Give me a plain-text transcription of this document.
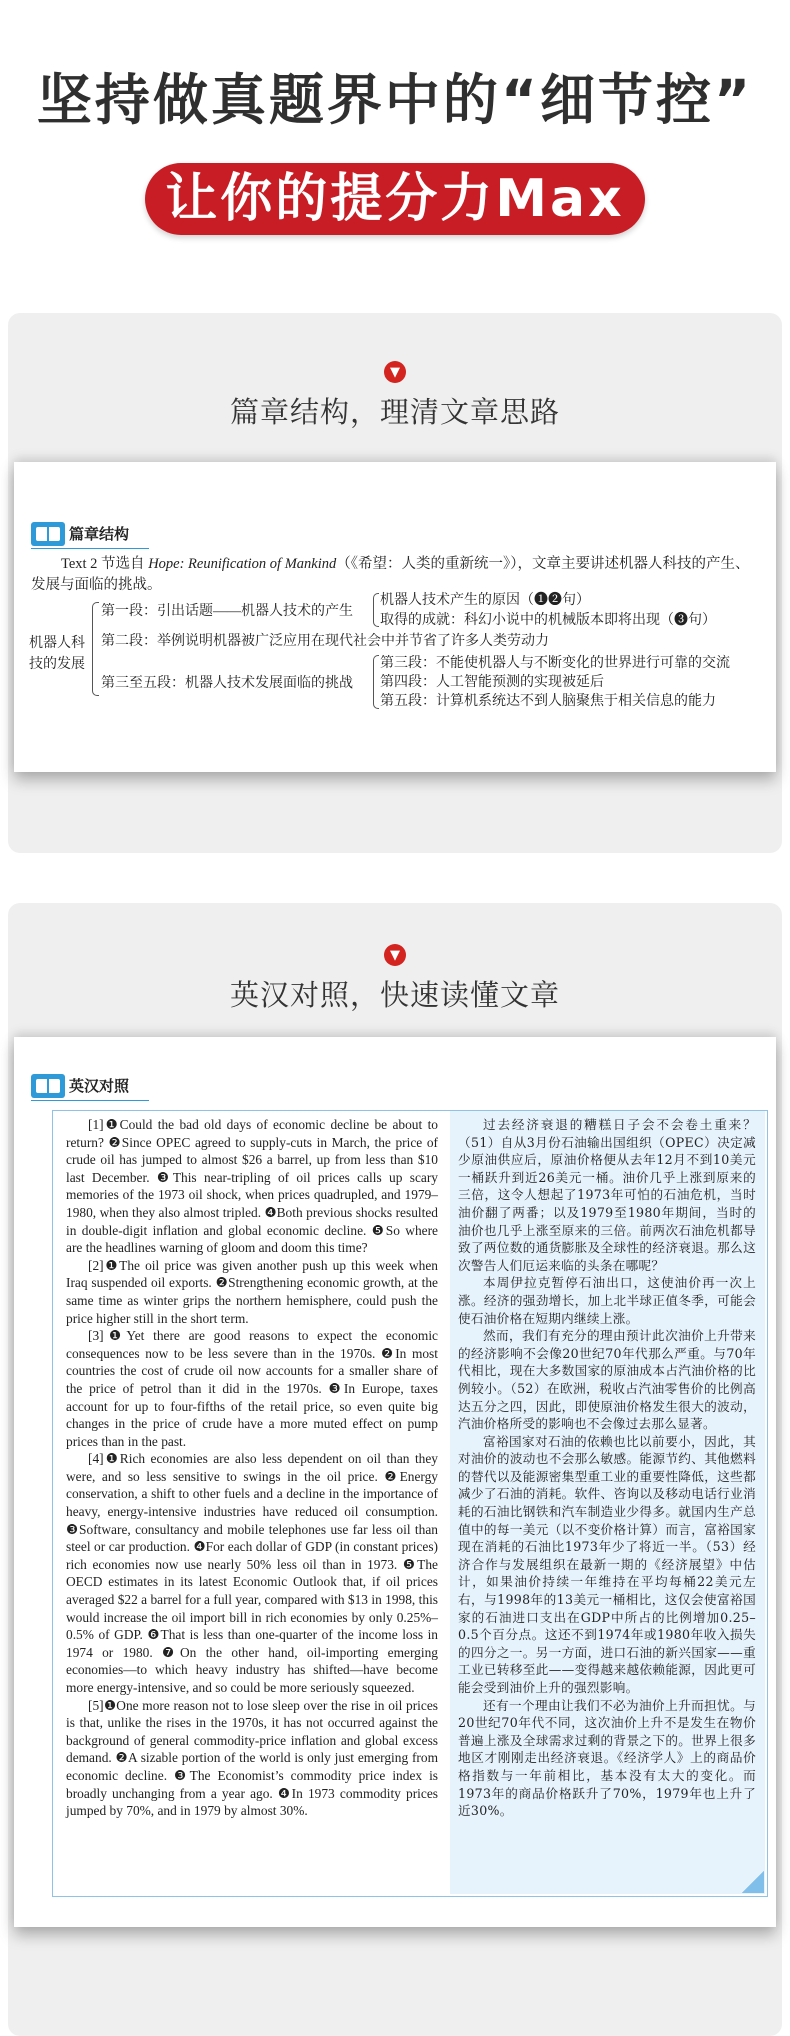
坚持做真题界中的“细节控”
让你的提分力Max
▼
篇章结构，理清文章思路
篇章结构
Text 2 节选自 Hope: Reunification of Mankind（《希望：人类的重新统一》），文章主要讲述机器人科技的产生、发展与面临的挑战。
机器人科技的发展
第一段：引出话题——机器人技术的产生
机器人技术产生的原因（❶❷句）
取得的成就：科幻小说中的机械版本即将出现（❸句）
第二段：举例说明机器被广泛应用在现代社会中并节省了许多人类劳动力
第三至五段：机器人技术发展面临的挑战
第三段：不能使机器人与不断变化的世界进行可靠的交流
第四段：人工智能预测的实现被延后
第五段：计算机系统达不到人脑聚焦于相关信息的能力
▼
英汉对照，快速读懂文章
英汉对照

[1]❶Could the bad old days of economic decline be about to return? ❷Since OPEC agreed to supply-cuts in March, the price of crude oil has jumped to almost $26 a barrel, up from less than $10 last December. ❸This near-tripling of oil prices calls up scary memories of the 1973 oil shock, when prices quadrupled, and 1979–1980, when they also almost tripled. ❹Both previous shocks resulted in double-digit inflation and global economic decline. ❺So where are the headlines warning of gloom and doom this time?

[2]❶The oil price was given another push up this week when Iraq suspended oil exports. ❷Strengthening economic growth, at the same time as winter grips the northern hemisphere, could push the price higher still in the short term.

[3]❶Yet there are good reasons to expect the economic consequences now to be less severe than in the 1970s. ❷In most countries the cost of crude oil now accounts for a smaller share of the price of petrol than it did in the 1970s. ❸In Europe, taxes account for up to four-fifths of the retail price, so even quite big changes in the price of crude have a more muted effect on pump prices than in the past.

[4]❶Rich economies are also less dependent on oil than they were, and so less sensitive to swings in the oil price. ❷Energy conservation, a shift to other fuels and a decline in the importance of heavy, energy-intensive industries have reduced oil consumption. ❸Software, consultancy and mobile telephones use far less oil than steel or car production. ❹For each dollar of GDP (in constant prices) rich economies now use nearly 50% less oil than in 1973. ❺The OECD estimates in its latest Economic Outlook that, if oil prices averaged $22 a barrel for a full year, compared with $13 in 1998, this would increase the oil import bill in rich economies by only 0.25%–0.5% of GDP. ❻That is less than one-quarter of the income loss in 1974 or 1980. ❼On the other hand, oil-importing emerging economies—to which heavy industry has shifted—have become more energy-intensive, and so could be more seriously squeezed.

[5]❶One more reason not to lose sleep over the rise in oil prices is that, unlike the rises in the 1970s, it has not occurred against the background of general commodity-price inflation and global excess demand. ❷A sizable portion of the world is only just emerging from economic decline. ❸The Economist’s commodity price index is broadly unchanging from a year ago. ❹In 1973 commodity prices jumped by 70%, and in 1979 by almost 30%.

过去经济衰退的糟糕日子会不会卷土重来？（51）自从3月份石油输出国组织（OPEC）决定减少原油供应后，原油价格便从去年12月不到10美元一桶跃升到近26美元一桶。油价几乎上涨到原来的三倍，这令人想起了1973年可怕的石油危机，当时油价翻了两番；以及1979至1980年期间，当时的油价也几乎上涨至原来的三倍。前两次石油危机都导致了两位数的通货膨胀及全球性的经济衰退。那么这次警告人们厄运来临的头条在哪呢？

本周伊拉克暂停石油出口，这使油价再一次上涨。经济的强劲增长，加上北半球正值冬季，可能会使石油价格在短期内继续上涨。

然而，我们有充分的理由预计此次油价上升带来的经济影响不会像20世纪70年代那么严重。与70年代相比，现在大多数国家的原油成本占汽油价格的比例较小。（52）在欧洲，税收占汽油零售价的比例高达五分之四，因此，即使原油价格发生很大的波动，汽油价格所受的影响也不会像过去那么显著。

富裕国家对石油的依赖也比以前要小，因此，其对油价的波动也不会那么敏感。能源节约、其他燃料的替代以及能源密集型重工业的重要性降低，这些都减少了石油的消耗。软件、咨询以及移动电话行业消耗的石油比钢铁和汽车制造业少得多。就国内生产总值中的每一美元（以不变价格计算）而言，富裕国家现在消耗的石油比1973年少了将近一半。（53）经济合作与发展组织在最新一期的《经济展望》中估计，如果油价持续一年维持在平均每桶22美元左右，与1998年的13美元一桶相比，这仅会使富裕国家的石油进口支出在GDP中所占的比例增加0.25–0.5个百分点。这还不到1974年或1980年收入损失的四分之一。另一方面，进口石油的新兴国家——重工业已转移至此——变得越来越依赖能源，因此更可能会受到油价上升的强烈影响。

还有一个理由让我们不必为油价上升而担忧。与20世纪70年代不同，这次油价上升不是发生在物价普遍上涨及全球需求过剩的背景之下的。世界上很多地区才刚刚走出经济衰退。《经济学人》上的商品价格指数与一年前相比，基本没有太大的变化。而1973年的商品价格跃升了70%，1979年也上升了近30%。
